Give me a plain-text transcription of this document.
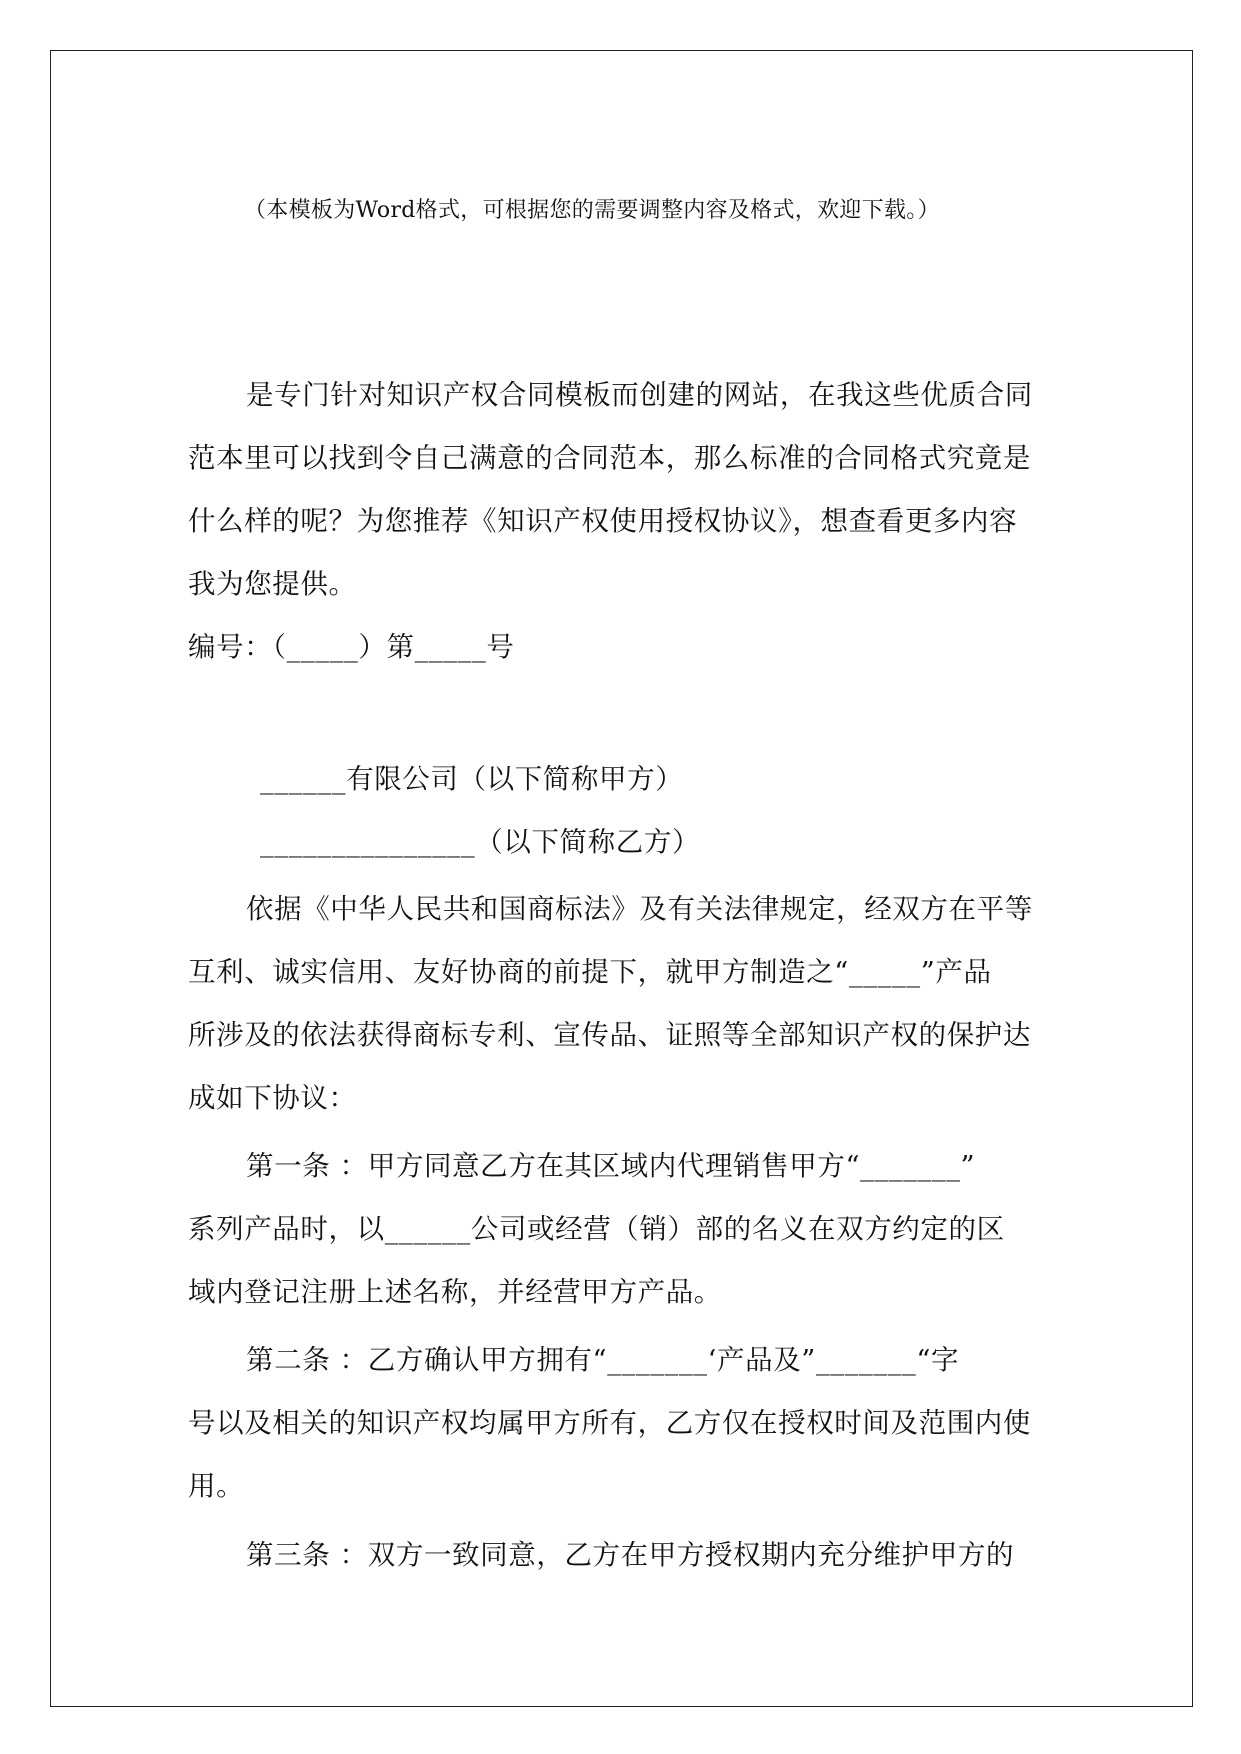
（本模板为Word格式，可根据您的需要调整内容及格式，欢迎下载。）
是专门针对知识产权合同模板而创建的网站，在我这些优质合同
范本里可以找到令自己满意的合同范本，那么标准的合同格式究竟是
什么样的呢？为您推荐《知识产权使用授权协议》，想查看更多内容
我为您提供。
编号：（_____）第_____号
______有限公司（以下简称甲方）
_______________（以下简称乙方）
依据《中华人民共和国商标法》及有关法律规定，经双方在平等
互利、诚实信用、友好协商的前提下，就甲方制造之“_____”产品
所涉及的依法获得商标专利、宣传品、证照等全部知识产权的保护达
成如下协议：
第一条 ：甲方同意乙方在其区域内代理销售甲方“_______”
系列产品时，以______公司或经营（销）部的名义在双方约定的区
域内登记注册上述名称，并经营甲方产品。
第二条 ：乙方确认甲方拥有“_______‘产品及”_______“字
号以及相关的知识产权均属甲方所有，乙方仅在授权时间及范围内使
用。
第三条 ：双方一致同意，乙方在甲方授权期内充分维护甲方的
